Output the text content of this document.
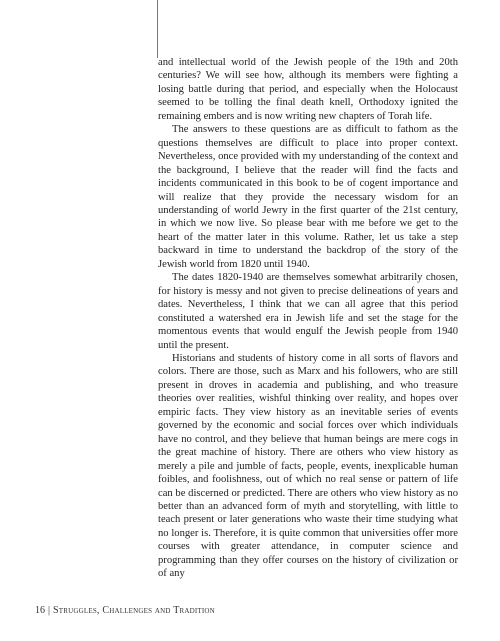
and intellectual world of the Jewish people of the 19th and 20th centuries? We will see how, although its members were fighting a losing battle during that period, and especially when the Holocaust seemed to be tolling the final death knell, Orthodoxy ignited the remaining embers and is now writing new chapters of Torah life.

The answers to these questions are as difficult to fathom as the questions themselves are difficult to place into proper context. Nevertheless, once provided with my understanding of the context and the background, I believe that the reader will find the facts and incidents communicated in this book to be of cogent importance and will realize that they provide the necessary wisdom for an understanding of world Jewry in the first quarter of the 21st century, in which we now live. So please bear with me before we get to the heart of the matter later in this volume. Rather, let us take a step backward in time to understand the backdrop of the story of the Jewish world from 1820 until 1940.

The dates 1820-1940 are themselves somewhat arbitrarily chosen, for history is messy and not given to precise delineations of years and dates. Nevertheless, I think that we can all agree that this period constituted a watershed era in Jewish life and set the stage for the momentous events that would engulf the Jewish people from 1940 until the present.

Historians and students of history come in all sorts of flavors and colors. There are those, such as Marx and his followers, who are still present in droves in academia and publishing, and who treasure theories over realities, wishful thinking over reality, and hopes over empiric facts. They view history as an inevitable series of events governed by the economic and social forces over which individuals have no control, and they believe that human beings are mere cogs in the great machine of history. There are others who view history as merely a pile and jumble of facts, people, events, inexplicable human foibles, and foolishness, out of which no real sense or pattern of life can be discerned or predicted. There are others who view history as no better than an advanced form of myth and storytelling, with little to teach present or later generations who waste their time studying what no longer is. Therefore, it is quite common that universities offer more courses with greater attendance, in computer science and programming than they offer courses on the history of civilization or of any

16 | Struggles, Challenges and Tradition
